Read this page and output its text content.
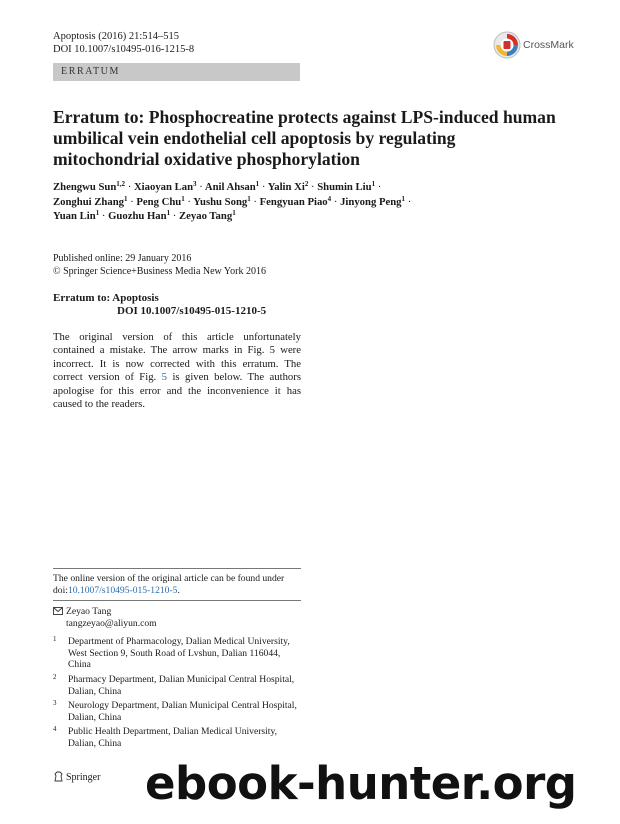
Apoptosis (2016) 21:514–515
DOI 10.1007/s10495-016-1215-8	CrossMark
ERRATUM
Erratum to: Phosphocreatine protects against LPS-induced human umbilical vein endothelial cell apoptosis by regulating mitochondrial oxidative phosphorylation
Zhengwu Sun$^{1,2}$ · Xiaoyan Lan$^3$ · Anil Ahsan$^1$ · Yalin $Xi^2 \cdot Shumin$ Liu$^1$ ·
Zonghui Zhang$^1$ · Peng Chu$^1$ · Yushu Song$^1$ · Fengyuan Piao$^4$ · Jinyong Peng$^1$ ·
Yuan Lin$^1$ · Guozhu Han$^1$ · Zeyao Tang$^1$
Published online: 29 January 2016
© Springer Science+Business Media New York 2016
Erratum to: Apoptosis
DOI 10.1007/s10495-015-1210-5
The original version of this article unfortunately contained a mistake. The arrow marks in Fig. 5 were incorrect. It is now corrected with this erratum. The correct version of Fig. 5 is given below. The authors apologise for this error and the inconvenience it has caused to the readers.
The online version of the original article can be found under doi:10.1007/s10495-015-1210-5.
Zeyao Tang
tangzeyao@aliyun.com
1 Department of Pharmacology, Dalian Medical University,
West Section 9, South Road of Lvshun, Dalian 116044,
China
2 Pharmacy Department, Dalian Municipal Central Hospital,
Dalian, China
3 Neurology Department, Dalian Municipal Central Hospital,
Dalian, China
4 Public Health Department, Dalian Medical University,
Dalian, China
Springer ebook-hunter.org
